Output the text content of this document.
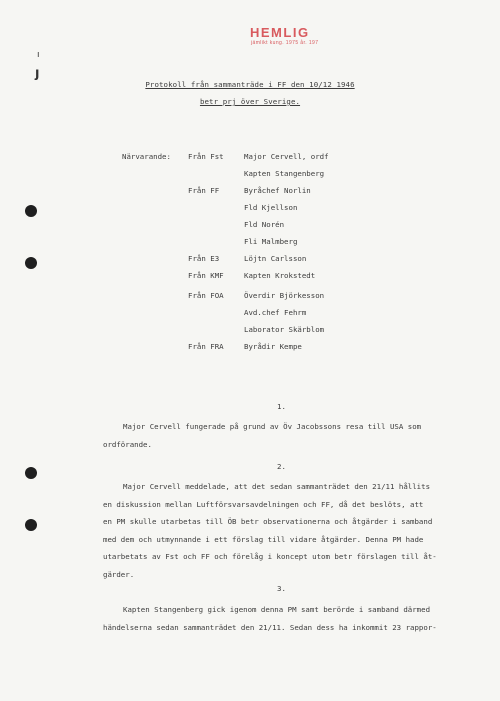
HEMLIG
jämlikt kung. 1975 år. 197
ı
ȷ
Protokoll från sammanträde i FF den 10/12 1946
betr prj över Sverige.
Närvarande: Från Fst	Major Cervell, ordf
Kapten Stangenberg
Från FF	Byråchef Norlin
Fld Kjellson
Fld Norén
Fli Malmberg
Från E3	Löjtn Carlsson
Från KMF	Kapten Krokstedt
Från FOA	Överdir Björkesson
Avd.chef Fehrm
Laborator Skärblom
Från FRA	Byrådir Kempe
1.

Major Cervell fungerade på grund av Öv Jacobssons resa till USA som
ordförande.

2.

Major Cervell meddelade, att det sedan sammanträdet den 21/11 hållits
en diskussion mellan Luftförsvarsavdelningen och FF, då det beslöts, att
en PM skulle utarbetas till ÖB betr observationerna och åtgärder i samband
med dem och utmynnande i ett förslag till vidare åtgärder. Denna PM hade
utarbetats av Fst och FF och förelåg i koncept utom betr förslagen till åt-
gärder.

3.

Kapten Stangenberg gick igenom denna PM samt berörde i samband därmed
händelserna sedan sammanträdet den 21/11. Sedan dess ha inkommit 23 rappor-
